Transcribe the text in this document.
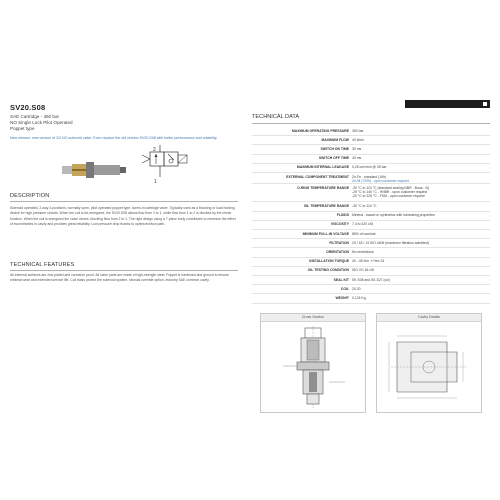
SV20.S08
SAE Cartridge - 350 bar
NO Single Lock Pilot Operated
Poppet type
New release: new version of 2/2 NO solenoid valve. Even replace the old version SV20.S08 with better performance and reliability.
2
1
DESCRIPTION
Solenoid operated, 2-way 2-positions, normally open, pilot operated poppet type, screw-in cartridge valve. Typically used as a blocking or load holding device for high pressure circuits. When the coil is de-energized, the SV20.S08 allows flow from 2 to 1, while flow from 1 to 2 is blocked by the check function. When the coil is energized the valve closes, blocking flow from 2 to 1. The rigid design using a 7-piece body contributes to minimize the effect of eccentricities in cavity and provides great reliability. Low pressure drop thanks to optimized flow path.
TECHNICAL FEATURES
All external surfaces are zinc plated and corrosion proof. All valve parts are made of high-strength steel. Poppet is hardened and ground to ensure minimal wear and extended service life. Coil basis protect the solenoid system. Manual override option. Industry SAE common cavity.
TECHNICAL DATA
MAXIMUM OPERATING PRESSURE 350 bar
MAXIMUM FLOW 40 l/min
SWITCH ON TIME 30 ms
SWITCH OFF TIME 40 ms
MAXIMUM INTERNAL LEAKAGE 0,25 cm³/min @ 35 bar
EXTERNAL COMPONENT TREATMENT Zn-Fe - standard (16h)
Zn-Ni (720h) - upon customer request
O-RING TEMPERATURE RANGE -30 °C to 110 °C (standard sealing NBR - Buna - N)
-25 °C to 140 °C - HNBR - upon customer request
-20 °C to 225 °C - FKM - upon customer request
OIL TEMPERATURE RANGE -30 °C to 110 °C
FLUIDS Mineral - based or synthetics with lubricating properties
VISCOSITY 7,4 to 420 cSt
MINIMUM PULL-IN VOLTAGE 85% of nominal
FILTRATION 20 / 18 / 13 ISO 4406 (maximum filtration admitted)
ORIENTATION No restrictions
INSTALLATION TORQUE 40 - 45 Nm ↗ Hex 24
OIL TESTING CONDITION ISO VG 46 cSt
SEAL KIT SK.S08 and SK.S27 (ccl)
COIL 20.20
WEIGHT 0,124 Kg
Cross Section	Cavity Details
